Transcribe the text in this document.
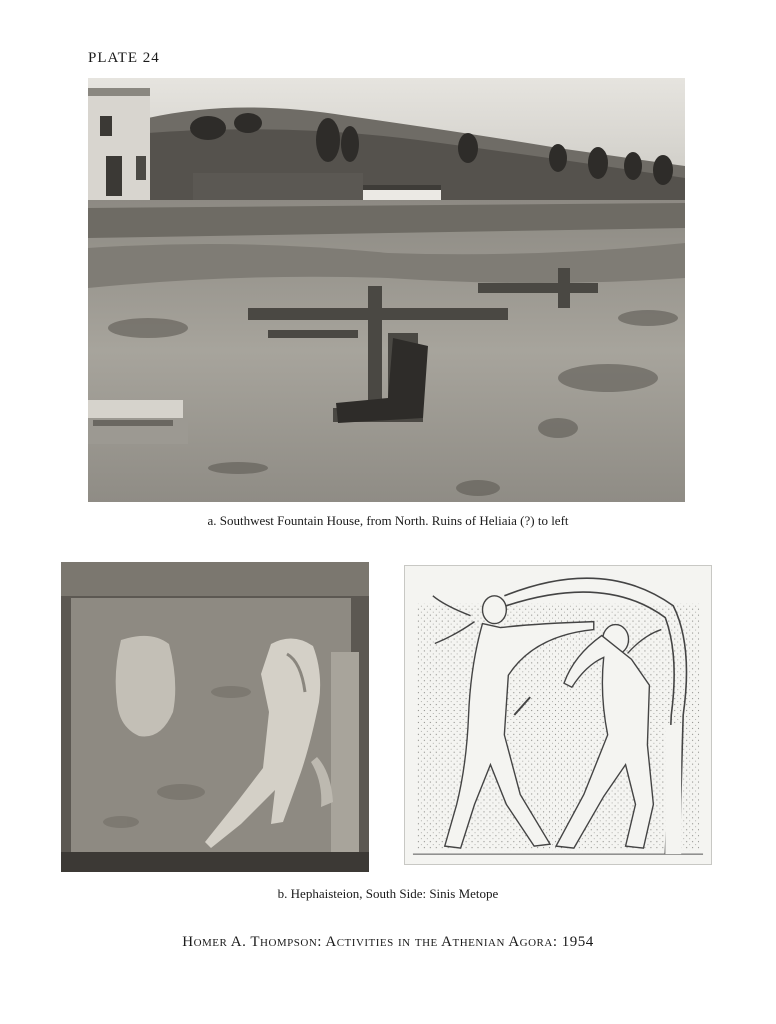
PLATE 24
a. Southwest Fountain House, from North. Ruins of Heliaia (?) to left
b. Hephaisteion, South Side: Sinis Metope
Homer A. Thompson: Activities in the Athenian Agora: 1954
